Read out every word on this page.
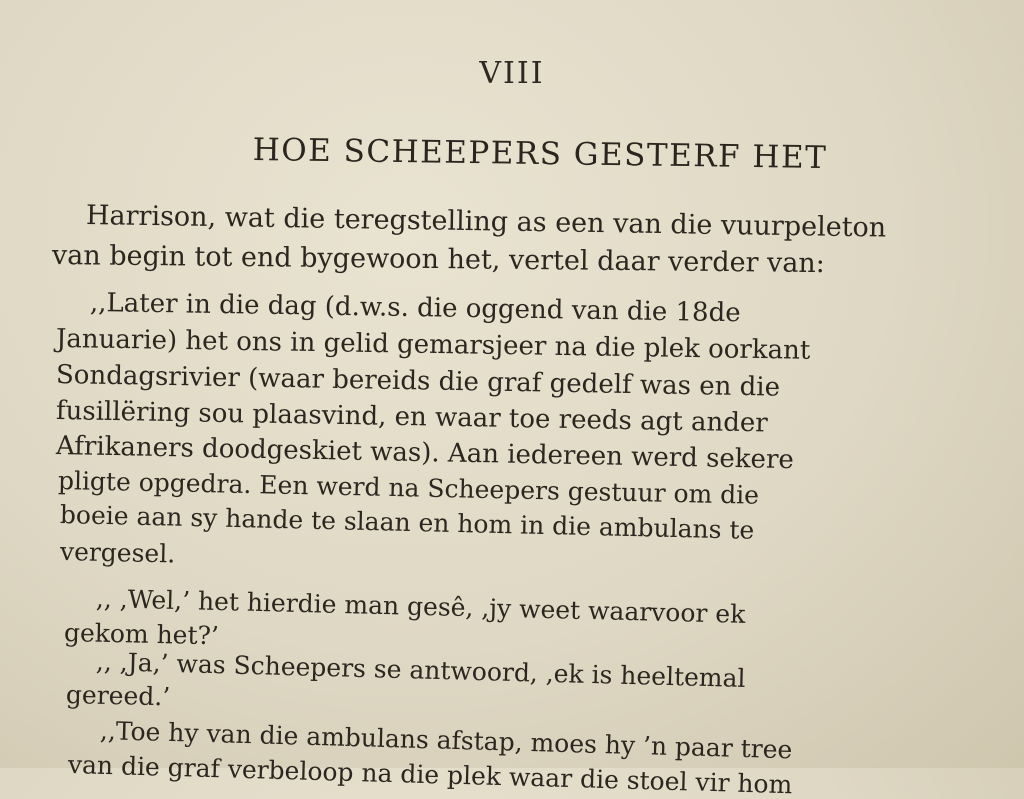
VIII
HOE SCHEEPERS GESTERF HET
Harrison, wat die teregstelling as een van die vuurpeleton
van begin tot end bygewoon het, vertel daar verder van:
,,Later in die dag (d.w.s. die oggend van die 18de
Januarie) het ons in gelid gemarsjeer na die plek oorkant
Sondagsrivier (waar bereids die graf gedelf was en die
fusillëring sou plaasvind, en waar toe reeds agt ander
Afrikaners doodgeskiet was). Aan iedereen werd sekere
pligte opgedra. Een werd na Scheepers gestuur om die
boeie aan sy hande te slaan en hom in die ambulans te
vergesel.
,, ,Wel,’ het hierdie man gesê, ,jy weet waarvoor ek
gekom het?’
,, ,Ja,’ was Scheepers se antwoord, ,ek is heeltemal
gereed.’
,,Toe hy van die ambulans afstap, moes hy ’n paar tree
van die graf verbeloop na die plek waar die stoel vir hom
